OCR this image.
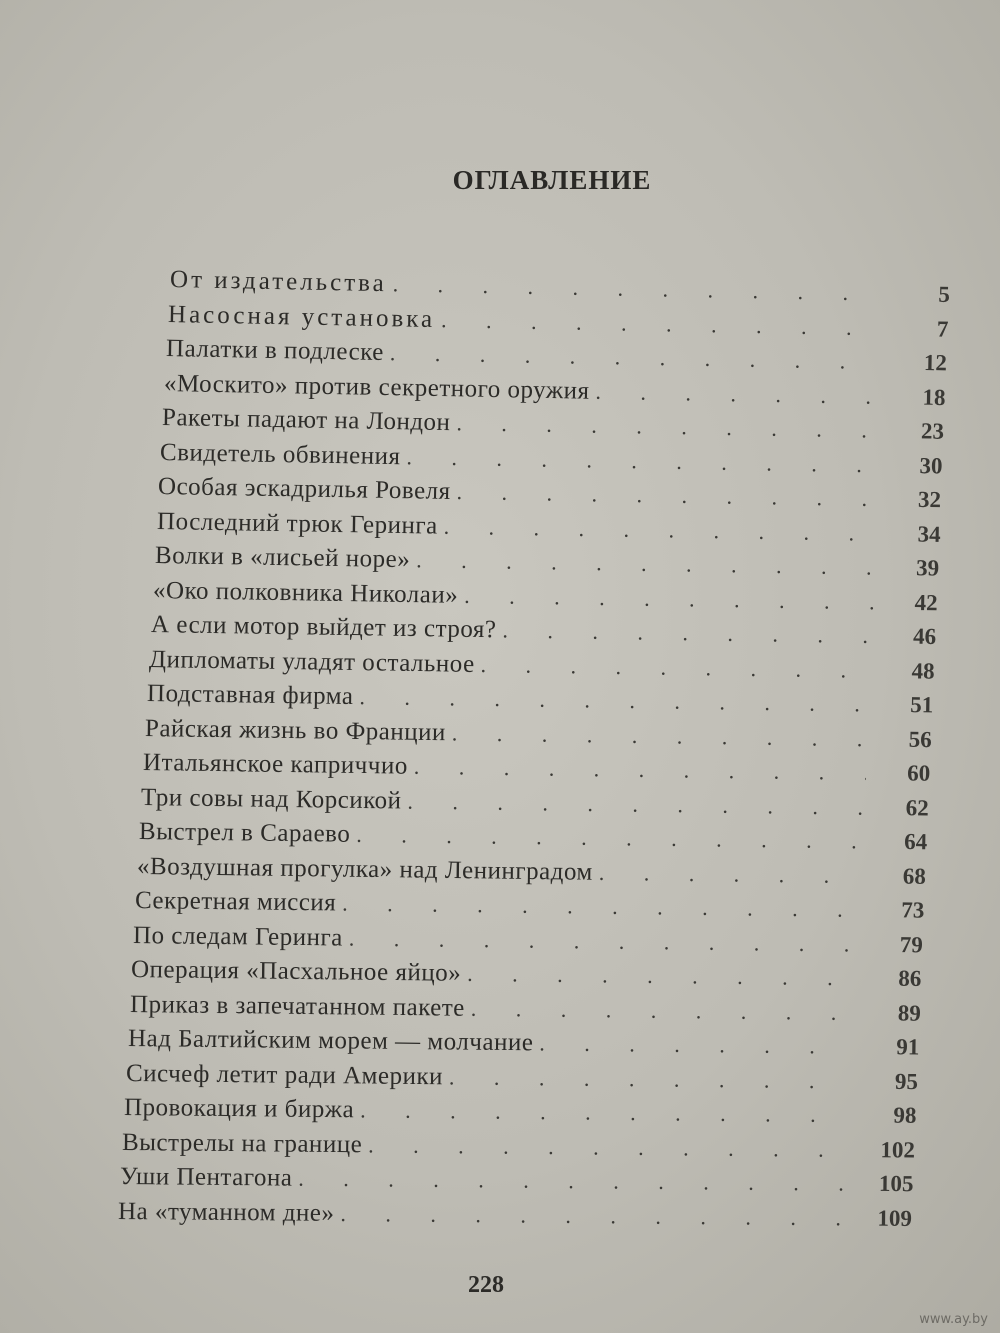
ОГЛАВЛЕНИЕ
От издательства . . .	5
Насосная установка . . .	7
Палатки в подлеске . . .	12
«Москито» против секретного оружия . . .	18
Ракеты падают на Лондон . . .	23
Свидетель обвинения . . .	30
Особая эскадрилья Ровеля . . .	32
Последний трюк Геринга . . .	34
Волки в «лисьей норе» . . .	39
«Око полковника Николаи» . . .	42
А если мотор выйдет из строя? . . .	46
Дипломаты уладят остальное . . .	48
Подставная фирма . . .	51
Райская жизнь во Франции . . .	56
Итальянское каприччио . . .	60
Три совы над Корсикой . . .	62
Выстрел в Сараево . . .	64
«Воздушная прогулка» над Ленинградом . . .	68
Секретная миссия . . .	73
По следам Геринга . . .	79
Операция «Пасхальное яйцо» . . .	86
Приказ в запечатанном пакете . . .	89
Над Балтийским морем — молчание . . .	91
Сисчеф летит ради Америки . . .	95
Провокация и биржа . . .	98
Выстрелы на границе . . .	102
Уши Пентагона . . .	105
На «туманном дне» . . .	109
228
www.ay.by
